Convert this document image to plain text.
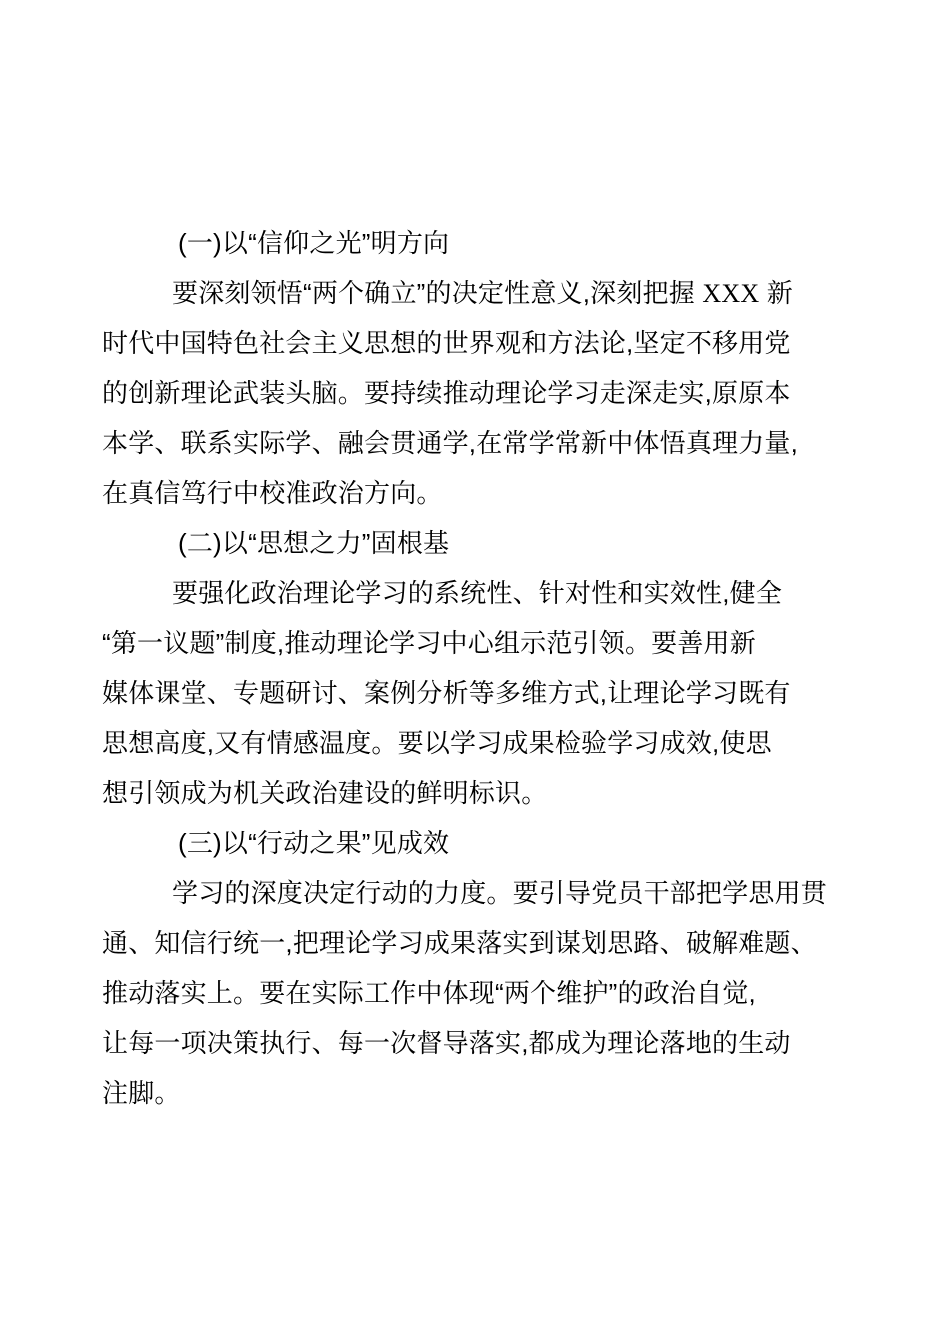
(一)以“信仰之光”明方向
要深刻领悟“两个确立”的决定性意义,深刻把握 XXX 新
时代中国特色社会主义思想的世界观和方法论,坚定不移用党
的创新理论武装头脑。要持续推动理论学习走深走实,原原本
本学、联系实际学、融会贯通学,在常学常新中体悟真理力量,
在真信笃行中校准政治方向。
(二)以“思想之力”固根基
要强化政治理论学习的系统性、针对性和实效性,健全
“第一议题”制度,推动理论学习中心组示范引领。要善用新
媒体课堂、专题研讨、案例分析等多维方式,让理论学习既有
思想高度,又有情感温度。要以学习成果检验学习成效,使思
想引领成为机关政治建设的鲜明标识。
(三)以“行动之果”见成效
学习的深度决定行动的力度。要引导党员干部把学思用贯
通、知信行统一,把理论学习成果落实到谋划思路、破解难题、
推动落实上。要在实际工作中体现“两个维护”的政治自觉,
让每一项决策执行、每一次督导落实,都成为理论落地的生动
注脚。
